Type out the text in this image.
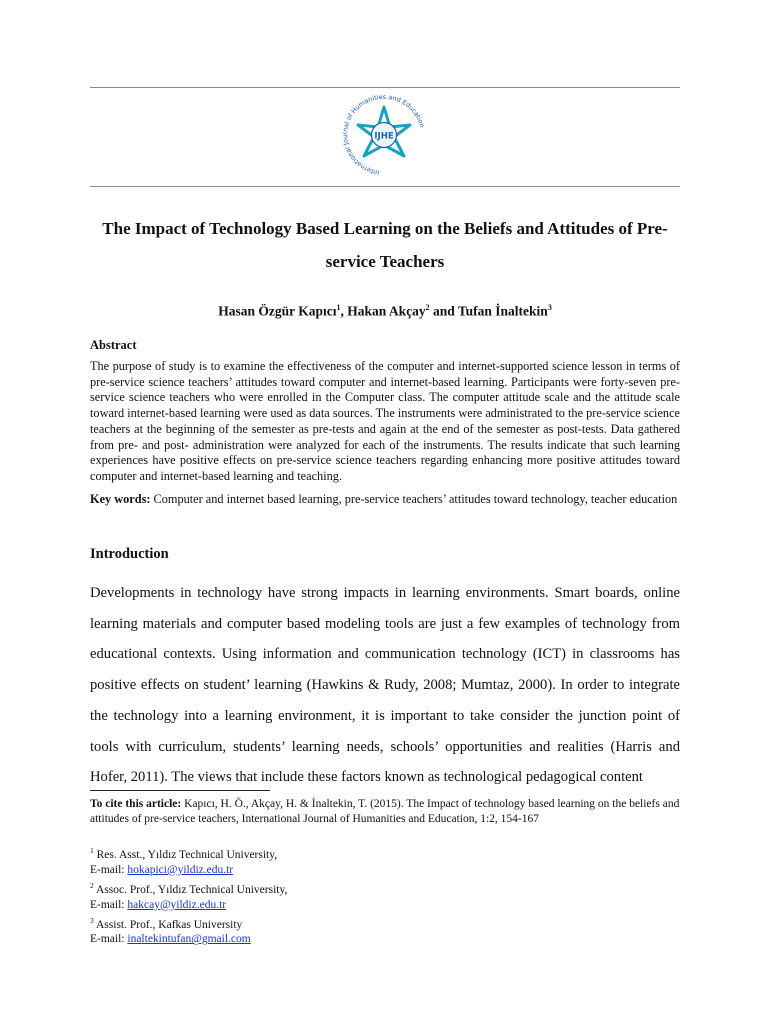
International Journal of Humanities and Education
IJHE
The Impact of Technology Based Learning on the Beliefs and Attitudes of Pre-service Teachers
Hasan Özgür Kapıcı$^1$, Hakan Akçay$^2$ and Tufan İnaltekin$^3$
Abstract
The purpose of study is to examine the effectiveness of the computer and internet-supported science lesson in terms of pre-service science teachers’ attitudes toward computer and internet-based learning. Participants were forty-seven pre-service science teachers who were enrolled in the Computer class. The computer attitude scale and the attitude scale toward internet-based learning were used as data sources. The instruments were administrated to the pre-service science teachers at the beginning of the semester as pre-tests and again at the end of the semester as post-tests. Data gathered from pre- and post- administration were analyzed for each of the instruments. The results indicate that such learning experiences have positive effects on pre-service science teachers regarding enhancing more positive attitudes toward computer and internet-based learning and teaching.
Key words: Computer and internet based learning, pre-service teachers’ attitudes toward technology, teacher education
Introduction
Developments in technology have strong impacts in learning environments. Smart boards, online learning materials and computer based modeling tools are just a few examples of technology from educational contexts. Using information and communication technology (ICT) in classrooms has positive effects on student’ learning (Hawkins & Rudy, 2008; Mumtaz, 2000). In order to integrate the technology into a learning environment, it is important to take consider the junction point of tools with curriculum, students’ learning needs, schools’ opportunities and realities (Harris and Hofer, 2011). The views that include these factors known as technological pedagogical content
To cite this article: Kapıcı, H. Ö., Akçay, H. & İnaltekin, T. (2015). The Impact of technology based learning on the beliefs and attitudes of pre-service teachers, International Journal of Humanities and Education, 1:2, 154-167
$^1$ Res. Asst., Yıldız Technical University,
E-mail: hokapici@yildiz.edu.tr
$^2$ Assoc. Prof., Yıldız Technical University,
E-mail: hakcay@yildiz.edu.tr
$^3$ Assist. Prof., Kafkas University
E-mail: inaltekintufan@gmail.com
